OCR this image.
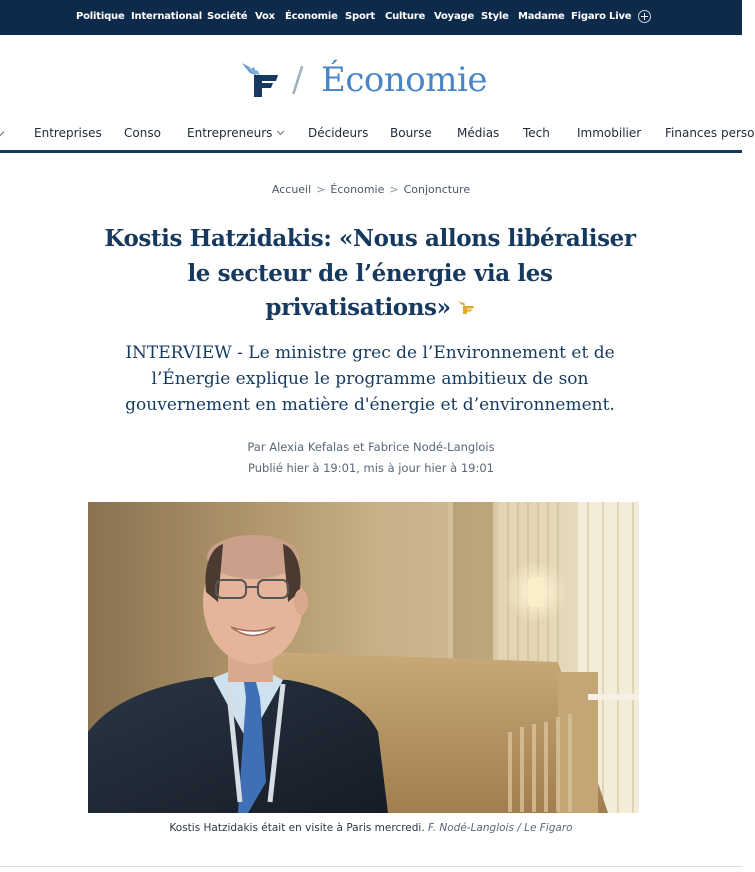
Politique International Société Vox Économie Sport Culture Voyage Style Madame Figaro Live
/ Économie
Entreprises Conso Entrepreneurs	Décideurs Bourse Médias Tech Immobilier Finances perso
Accueil > Économie > Conjoncture
Kostis Hatzidakis: «Nous allons libéraliser
le secteur de l’énergie via les
privatisations»

INTERVIEW - Le ministre grec de l’Environnement et de
l’Énergie explique le programme ambitieux de son
gouvernement en matière d'énergie et d’environnement.

Par Alexia Kefalas et Fabrice Nodé-Langlois
Publié hier à 19:01, mis à jour hier à 19:01
Kostis Hatzidakis était en visite à Paris mercredi. F. Nodé-Langlois / Le Figaro
